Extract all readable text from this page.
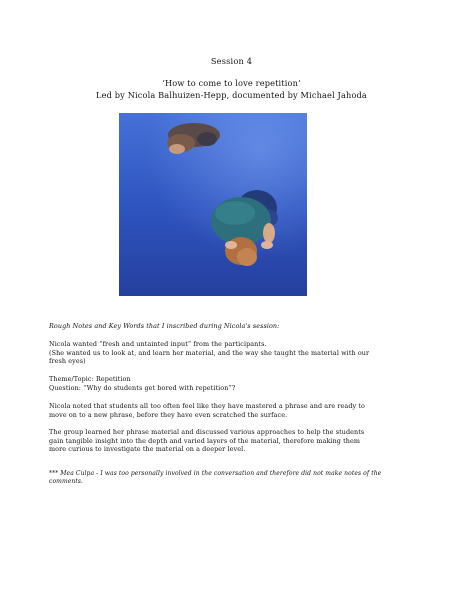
Session 4
‘How to come to love repetition’
Led by Nicola Balhuizen-Hepp, documented by Michael Jahoda
Rough Notes and Key Words that I inscribed during Nicola's session:
Nicola wanted “fresh and untainted input” from the participants.
(She wanted us to look at, and learn her material, and the way she taught the material with our
fresh eyes)
Theme/Topic: Repetition
Question: “Why do students get bored with repetition”?
Nicola noted that students all too often feel like they have mastered a phrase and are ready to
move on to a new phrase, before they have even scratched the surface.
The group learned her phrase material and discussed various approaches to help the students
gain tangible insight into the depth and varied layers of the material, therefore making them
more curious to investigate the material on a deeper level.
*** Mea Culpa - I was too personally involved in the conversation and therefore did not make notes of the
comments.
